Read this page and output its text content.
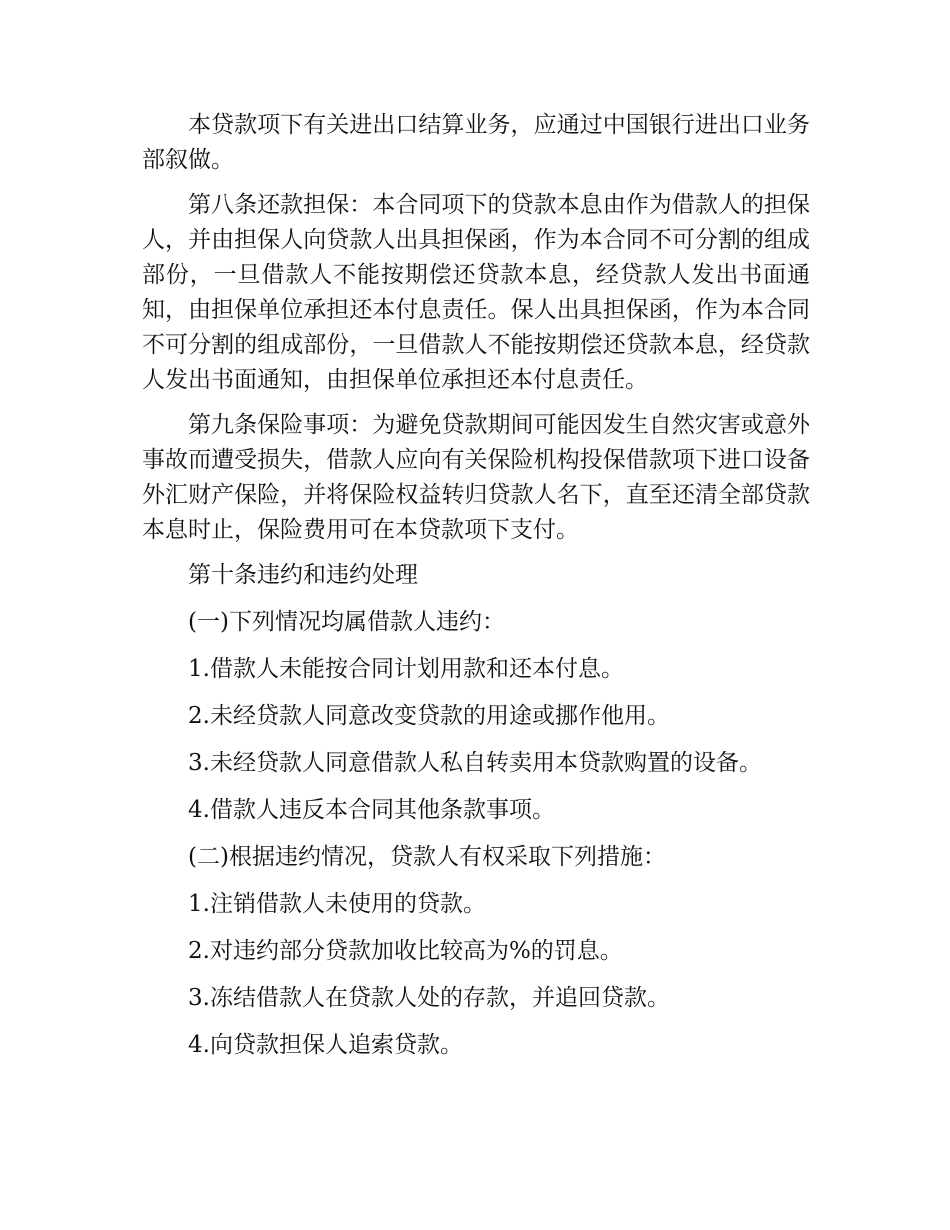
本贷款项下有关进出口结算业务，应通过中国银行进出口业务部叙做。

第八条还款担保：本合同项下的贷款本息由作为借款人的担保人，并由担保人向贷款人出具担保函，作为本合同不可分割的组成部份，一旦借款人不能按期偿还贷款本息，经贷款人发出书面通知，由担保单位承担还本付息责任。保人出具担保函，作为本合同不可分割的组成部份，一旦借款人不能按期偿还贷款本息，经贷款人发出书面通知，由担保单位承担还本付息责任。

第九条保险事项：为避免贷款期间可能因发生自然灾害或意外事故而遭受损失，借款人应向有关保险机构投保借款项下进口设备外汇财产保险，并将保险权益转归贷款人名下，直至还清全部贷款本息时止，保险费用可在本贷款项下支付。

第十条违约和违约处理
(一)下列情况均属借款人违约：
1.借款人未能按合同计划用款和还本付息。
2.未经贷款人同意改变贷款的用途或挪作他用。
3.未经贷款人同意借款人私自转卖用本贷款购置的设备。
4.借款人违反本合同其他条款事项。
(二)根据违约情况，贷款人有权采取下列措施：
1.注销借款人未使用的贷款。
2.对违约部分贷款加收比较高为%的罚息。
3.冻结借款人在贷款人处的存款，并追回贷款。
4.向贷款担保人追索贷款。
